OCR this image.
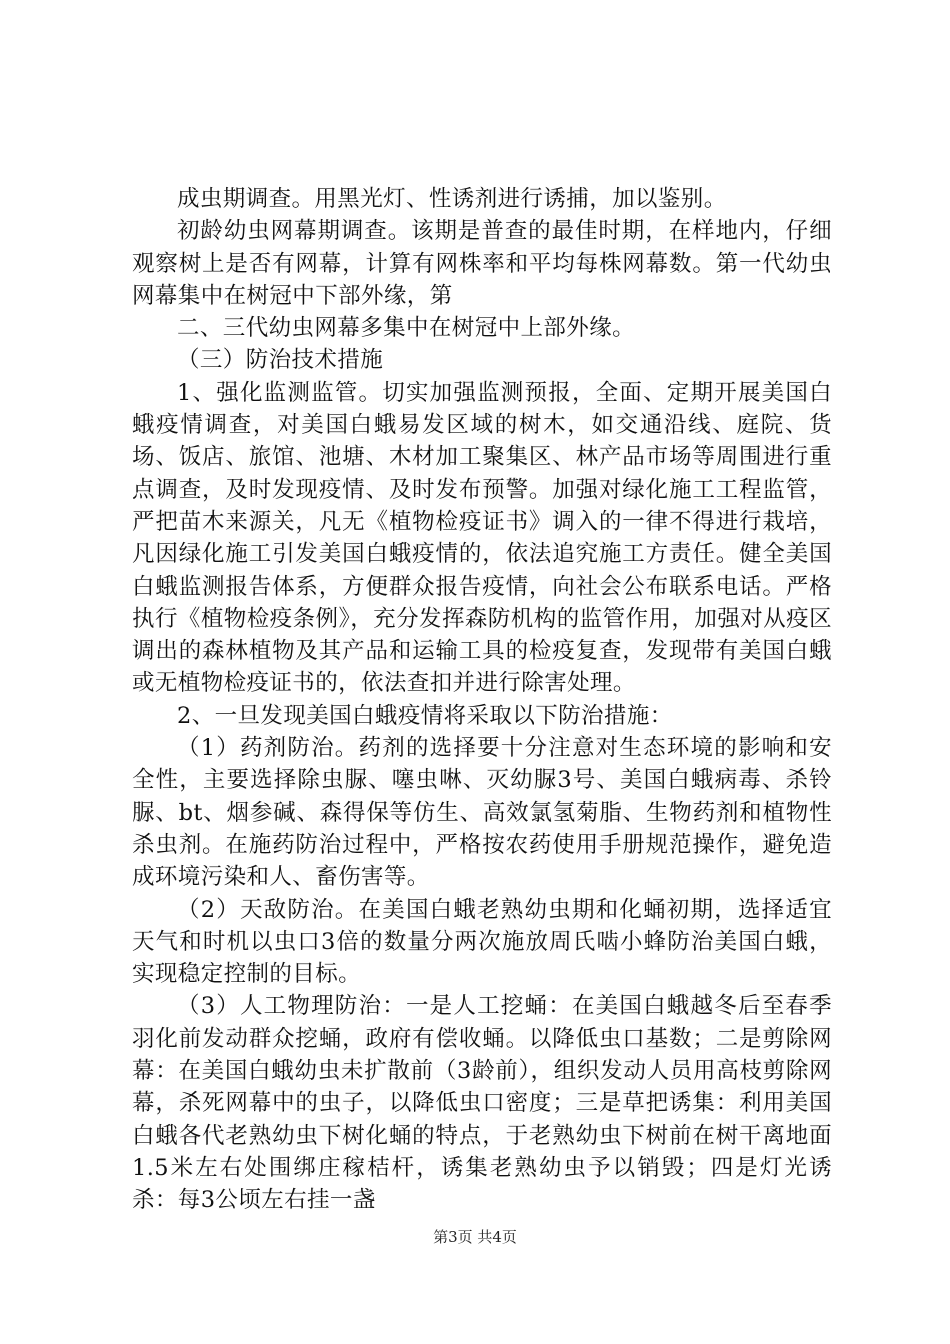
成虫期调查。用黑光灯、性诱剂进行诱捕，加以鉴别。

初龄幼虫网幕期调查。该期是普查的最佳时期，在样地内，仔细观察树上是否有网幕，计算有网株率和平均每株网幕数。第一代幼虫网幕集中在树冠中下部外缘，第

二、三代幼虫网幕多集中在树冠中上部外缘。

（三）防治技术措施

1、强化监测监管。切实加强监测预报，全面、定期开展美国白蛾疫情调查，对美国白蛾易发区域的树木，如交通沿线、庭院、货场、饭店、旅馆、池塘、木材加工聚集区、林产品市场等周围进行重点调查，及时发现疫情、及时发布预警。加强对绿化施工工程监管，严把苗木来源关，凡无《植物检疫证书》调入的一律不得进行栽培，凡因绿化施工引发美国白蛾疫情的，依法追究施工方责任。健全美国白蛾监测报告体系，方便群众报告疫情，向社会公布联系电话。严格执行《植物检疫条例》，充分发挥森防机构的监管作用，加强对从疫区调出的森林植物及其产品和运输工具的检疫复查，发现带有美国白蛾或无植物检疫证书的，依法查扣并进行除害处理。

2、一旦发现美国白蛾疫情将采取以下防治措施：

（1）药剂防治。药剂的选择要十分注意对生态环境的影响和安全性，主要选择除虫脲、噻虫啉、灭幼脲3号、美国白蛾病毒、杀铃脲、bt、烟参碱、森得保等仿生、高效氯氢菊脂、生物药剂和植物性杀虫剂。在施药防治过程中，严格按农药使用手册规范操作，避免造成环境污染和人、畜伤害等。

（2）天敌防治。在美国白蛾老熟幼虫期和化蛹初期，选择适宜天气和时机以虫口3倍的数量分两次施放周氏啮小蜂防治美国白蛾，实现稳定控制的目标。

（3）人工物理防治：一是人工挖蛹：在美国白蛾越冬后至春季羽化前发动群众挖蛹，政府有偿收蛹。以降低虫口基数；二是剪除网幕：在美国白蛾幼虫未扩散前（3龄前），组织发动人员用高枝剪除网幕，杀死网幕中的虫子，以降低虫口密度；三是草把诱集：利用美国白蛾各代老熟幼虫下树化蛹的特点，于老熟幼虫下树前在树干离地面1.5米左右处围绑庄稼桔杆，诱集老熟幼虫予以销毁；四是灯光诱杀：每3公顷左右挂一盏

第3页 共4页
